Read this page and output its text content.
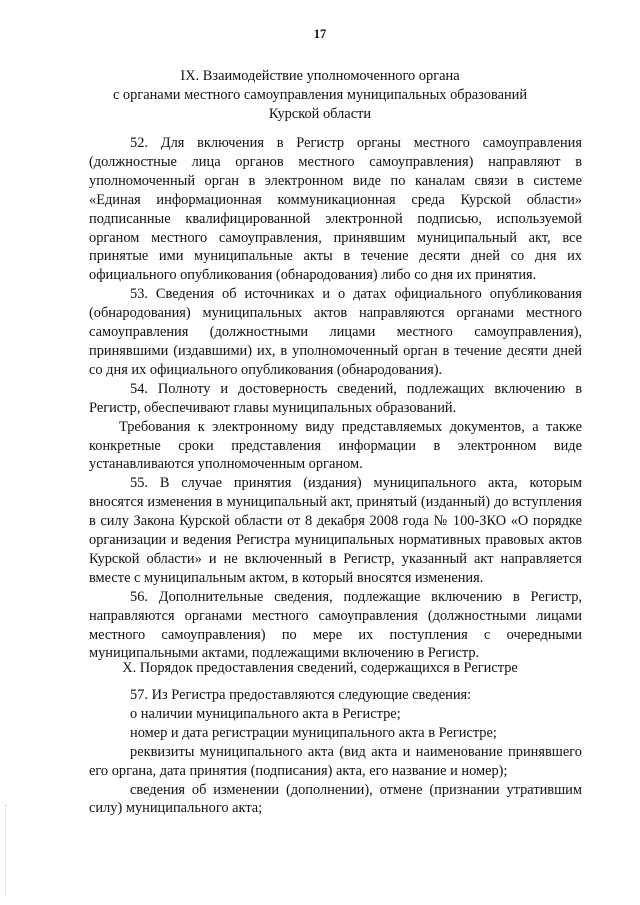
17
IX. Взаимодействие уполномоченного органа
с органами местного самоуправления муниципальных образований
Курской области

52. Для включения в Регистр органы местного самоуправления (должностные лица органов местного самоуправления) направляют в уполномоченный орган в электронном виде по каналам связи в системе «Единая информационная коммуникационная среда Курской области» подписанные квалифицированной электронной подписью, используемой органом местного самоуправления, принявшим муниципальный акт, все принятые ими муниципальные акты в течение десяти дней со дня их официального опубликования (обнародования) либо со дня их принятия.

53. Сведения об источниках и о датах официального опубликования (обнародования) муниципальных актов направляются органами местного самоуправления (должностными лицами местного самоуправления), принявшими (издавшими) их, в уполномоченный орган в течение десяти дней со дня их официального опубликования (обнародования).

54. Полноту и достоверность сведений, подлежащих включению в Регистр, обеспечивают главы муниципальных образований.

Требования к электронному виду представляемых документов, а также конкретные сроки представления информации в электронном виде устанавливаются уполномоченным органом.

55. В случае принятия (издания) муниципального акта, которым вносятся изменения в муниципальный акт, принятый (изданный) до вступления в силу Закона Курской области от 8 декабря 2008 года № 100-ЗКО «О порядке организации и ведения Регистра муниципальных нормативных правовых актов Курской области» и не включенный в Регистр, указанный акт направляется вместе с муниципальным актом, в который вносятся изменения.

56. Дополнительные сведения, подлежащие включению в Регистр, направляются органами местного самоуправления (должностными лицами местного самоуправления) по мере их поступления с очередными муниципальными актами, подлежащими включению в Регистр.

X. Порядок предоставления сведений, содержащихся в Регистре

57. Из Регистра предоставляются следующие сведения:

о наличии муниципального акта в Регистре;

номер и дата регистрации муниципального акта в Регистре;

реквизиты муниципального акта (вид акта и наименование принявшего его органа, дата принятия (подписания) акта, его название и номер);

сведения об изменении (дополнении), отмене (признании утратившим силу) муниципального акта;
